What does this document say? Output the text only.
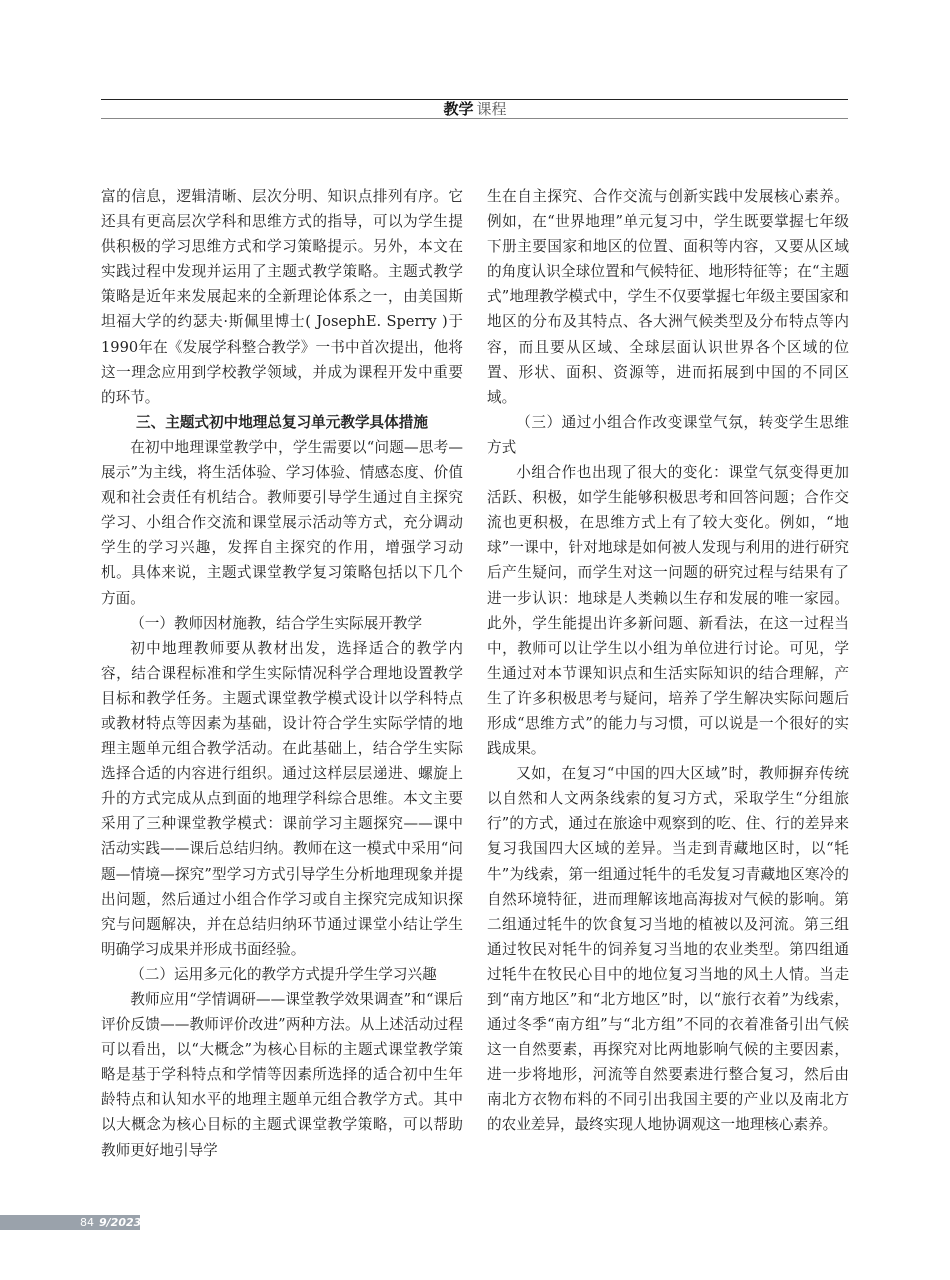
教学 课程

富的信息，逻辑清晰、层次分明、知识点排列有序。它还具有更高层次学科和思维方式的指导，可以为学生提供积极的学习思维方式和学习策略提示。另外，本文在实践过程中发现并运用了主题式教学策略。主题式教学策略是近年来发展起来的全新理论体系之一，由美国斯坦福大学的约瑟夫·斯佩里博士( JosephE. Sperry )于1990年在《发展学科整合教学》一书中首次提出，他将这一理念应用到学校教学领域，并成为课程开发中重要的环节。

三、主题式初中地理总复习单元教学具体措施

在初中地理课堂教学中，学生需要以“问题—思考—展示”为主线，将生活体验、学习体验、情感态度、价值观和社会责任有机结合。教师要引导学生通过自主探究学习、小组合作交流和课堂展示活动等方式，充分调动学生的学习兴趣，发挥自主探究的作用，增强学习动机。具体来说，主题式课堂教学复习策略包括以下几个方面。

（一）教师因材施教，结合学生实际展开教学

初中地理教师要从教材出发，选择适合的教学内容，结合课程标准和学生实际情况科学合理地设置教学目标和教学任务。主题式课堂教学模式设计以学科特点或教材特点等因素为基础，设计符合学生实际学情的地理主题单元组合教学活动。在此基础上，结合学生实际选择合适的内容进行组织。通过这样层层递进、螺旋上升的方式完成从点到面的地理学科综合思维。本文主要采用了三种课堂教学模式：课前学习主题探究——课中活动实践——课后总结归纳。教师在这一模式中采用“问题—情境—探究”型学习方式引导学生分析地理现象并提出问题，然后通过小组合作学习或自主探究完成知识探究与问题解决，并在总结归纳环节通过课堂小结让学生明确学习成果并形成书面经验。

（二）运用多元化的教学方式提升学生学习兴趣

教师应用“学情调研——课堂教学效果调查”和“课后评价反馈——教师评价改进”两种方法。从上述活动过程可以看出，以“大概念”为核心目标的主题式课堂教学策略是基于学科特点和学情等因素所选择的适合初中生年龄特点和认知水平的地理主题单元组合教学方式。其中以大概念为核心目标的主题式课堂教学策略，可以帮助教师更好地引导学

生在自主探究、合作交流与创新实践中发展核心素养。例如，在“世界地理”单元复习中，学生既要掌握七年级下册主要国家和地区的位置、面积等内容，又要从区域的角度认识全球位置和气候特征、地形特征等；在“主题式”地理教学模式中，学生不仅要掌握七年级主要国家和地区的分布及其特点、各大洲气候类型及分布特点等内容，而且要从区域、全球层面认识世界各个区域的位置、形状、面积、资源等，进而拓展到中国的不同区域。

（三）通过小组合作改变课堂气氛，转变学生思维方式

小组合作也出现了很大的变化：课堂气氛变得更加活跃、积极，如学生能够积极思考和回答问题；合作交流也更积极，在思维方式上有了较大变化。例如，“地球”一课中，针对地球是如何被人发现与利用的进行研究后产生疑问，而学生对这一问题的研究过程与结果有了进一步认识：地球是人类赖以生存和发展的唯一家园。此外，学生能提出许多新问题、新看法，在这一过程当中，教师可以让学生以小组为单位进行讨论。可见，学生通过对本节课知识点和生活实际知识的结合理解，产生了许多积极思考与疑问，培养了学生解决实际问题后形成“思维方式”的能力与习惯，可以说是一个很好的实践成果。

又如，在复习“中国的四大区域”时，教师摒弃传统以自然和人文两条线索的复习方式，采取学生“分组旅行”的方式，通过在旅途中观察到的吃、住、行的差异来复习我国四大区域的差异。当走到青藏地区时，以“牦牛”为线索，第一组通过牦牛的毛发复习青藏地区寒冷的自然环境特征，进而理解该地高海拔对气候的影响。第二组通过牦牛的饮食复习当地的植被以及河流。第三组通过牧民对牦牛的饲养复习当地的农业类型。第四组通过牦牛在牧民心目中的地位复习当地的风土人情。当走到“南方地区”和“北方地区”时，以“旅行衣着”为线索，通过冬季“南方组”与“北方组”不同的衣着准备引出气候这一自然要素，再探究对比两地影响气候的主要因素，进一步将地形，河流等自然要素进行整合复习，然后由南北方衣物布料的不同引出我国主要的产业以及南北方的农业差异，最终实现人地协调观这一地理核心素养。

84 9/2023
